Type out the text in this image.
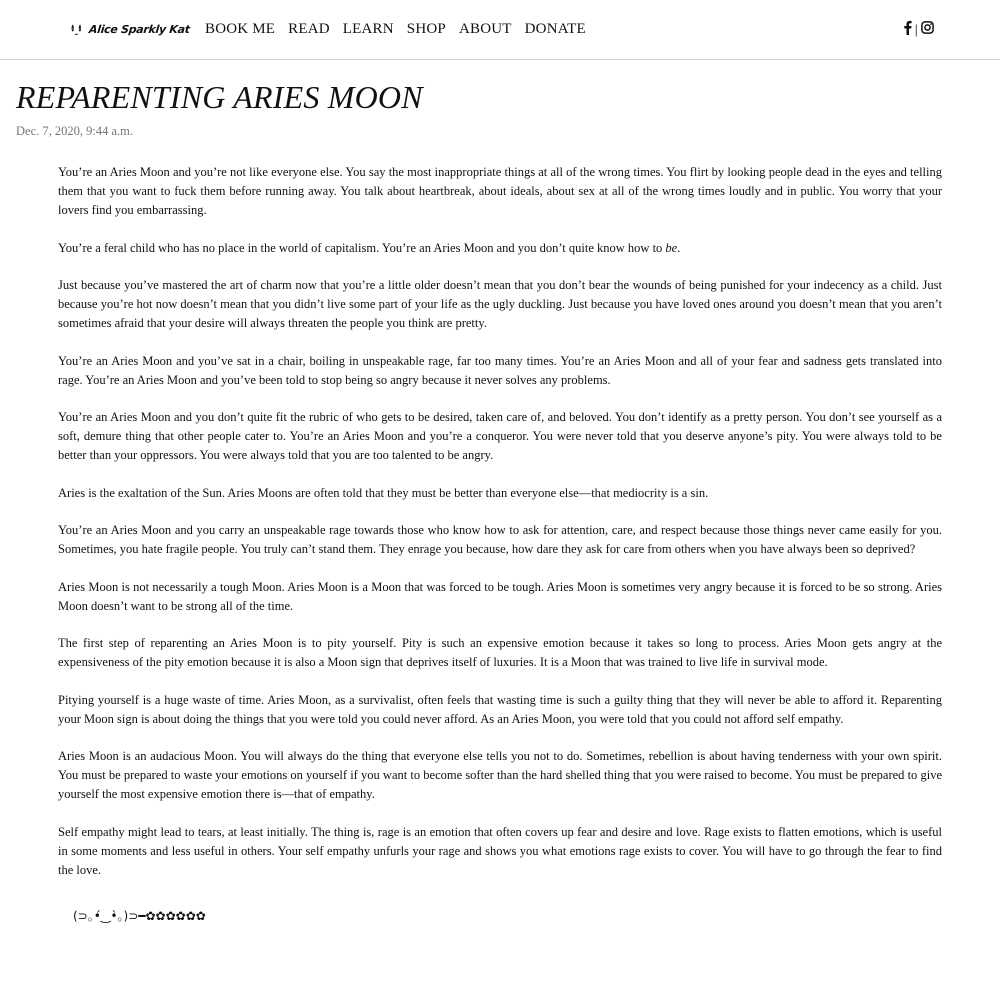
Alice Sparkly Kat BOOK ME READ LEARN SHOP ABOUT DONATE	|
REPARENTING ARIES MOON
Dec. 7, 2020, 9:44 a.m.

You’re an Aries Moon and you’re not like everyone else. You say the most inappropriate things at all of the wrong times. You flirt by looking people dead in the eyes and telling them that you want to fuck them before running away. You talk about heartbreak, about ideals, about sex at all of the wrong times loudly and in public. You worry that your lovers find you embarrassing.

You’re a feral child who has no place in the world of capitalism. You’re an Aries Moon and you don’t quite know how to be.

Just because you’ve mastered the art of charm now that you’re a little older doesn’t mean that you don’t bear the wounds of being punished for your indecency as a child. Just because you’re hot now doesn’t mean that you didn’t live some part of your life as the ugly duckling. Just because you have loved ones around you doesn’t mean that you aren’t sometimes afraid that your desire will always threaten the people you think are pretty.

You’re an Aries Moon and you’ve sat in a chair, boiling in unspeakable rage, far too many times. You’re an Aries Moon and all of your fear and sadness gets translated into rage. You’re an Aries Moon and you’ve been told to stop being so angry because it never solves any problems.

You’re an Aries Moon and you don’t quite fit the rubric of who gets to be desired, taken care of, and beloved. You don’t identify as a pretty person. You don’t see yourself as a soft, demure thing that other people cater to. You’re an Aries Moon and you’re a conqueror. You were never told that you deserve anyone’s pity. You were always told to be better than your oppressors. You were always told that you are too talented to be angry.

Aries is the exaltation of the Sun. Aries Moons are often told that they must be better than everyone else—that mediocrity is a sin.

You’re an Aries Moon and you carry an unspeakable rage towards those who know how to ask for attention, care, and respect because those things never came easily for you. Sometimes, you hate fragile people. You truly can’t stand them. They enrage you because, how dare they ask for care from others when you have always been so deprived?

Aries Moon is not necessarily a tough Moon. Aries Moon is a Moon that was forced to be tough. Aries Moon is sometimes very angry because it is forced to be so strong. Aries Moon doesn’t want to be strong all of the time.

The first step of reparenting an Aries Moon is to pity yourself. Pity is such an expensive emotion because it takes so long to process. Aries Moon gets angry at the expensiveness of the pity emotion because it is also a Moon sign that deprives itself of luxuries. It is a Moon that was trained to live life in survival mode.

Pitying yourself is a huge waste of time. Aries Moon, as a survivalist, often feels that wasting time is such a guilty thing that they will never be able to afford it. Reparenting your Moon sign is about doing the things that you were told you could never afford. As an Aries Moon, you were told that you could not afford self empathy.

Aries Moon is an audacious Moon. You will always do the thing that everyone else tells you not to do. Sometimes, rebellion is about having tenderness with your own spirit. You must be prepared to waste your emotions on yourself if you want to become softer than the hard shelled thing that you were raised to become. You must be prepared to give yourself the most expensive emotion there is—that of empathy.

Self empathy might lead to tears, at least initially. The thing is, rage is an emotion that often covers up fear and desire and love. Rage exists to flatten emotions, which is useful in some moments and less useful in others. Your self empathy unfurls your rage and shows you what emotions rage exists to cover. You will have to go through the fear to find the love.

(⊃｡•́‿•̀｡)⊃━✿✿✿✿✿✿
